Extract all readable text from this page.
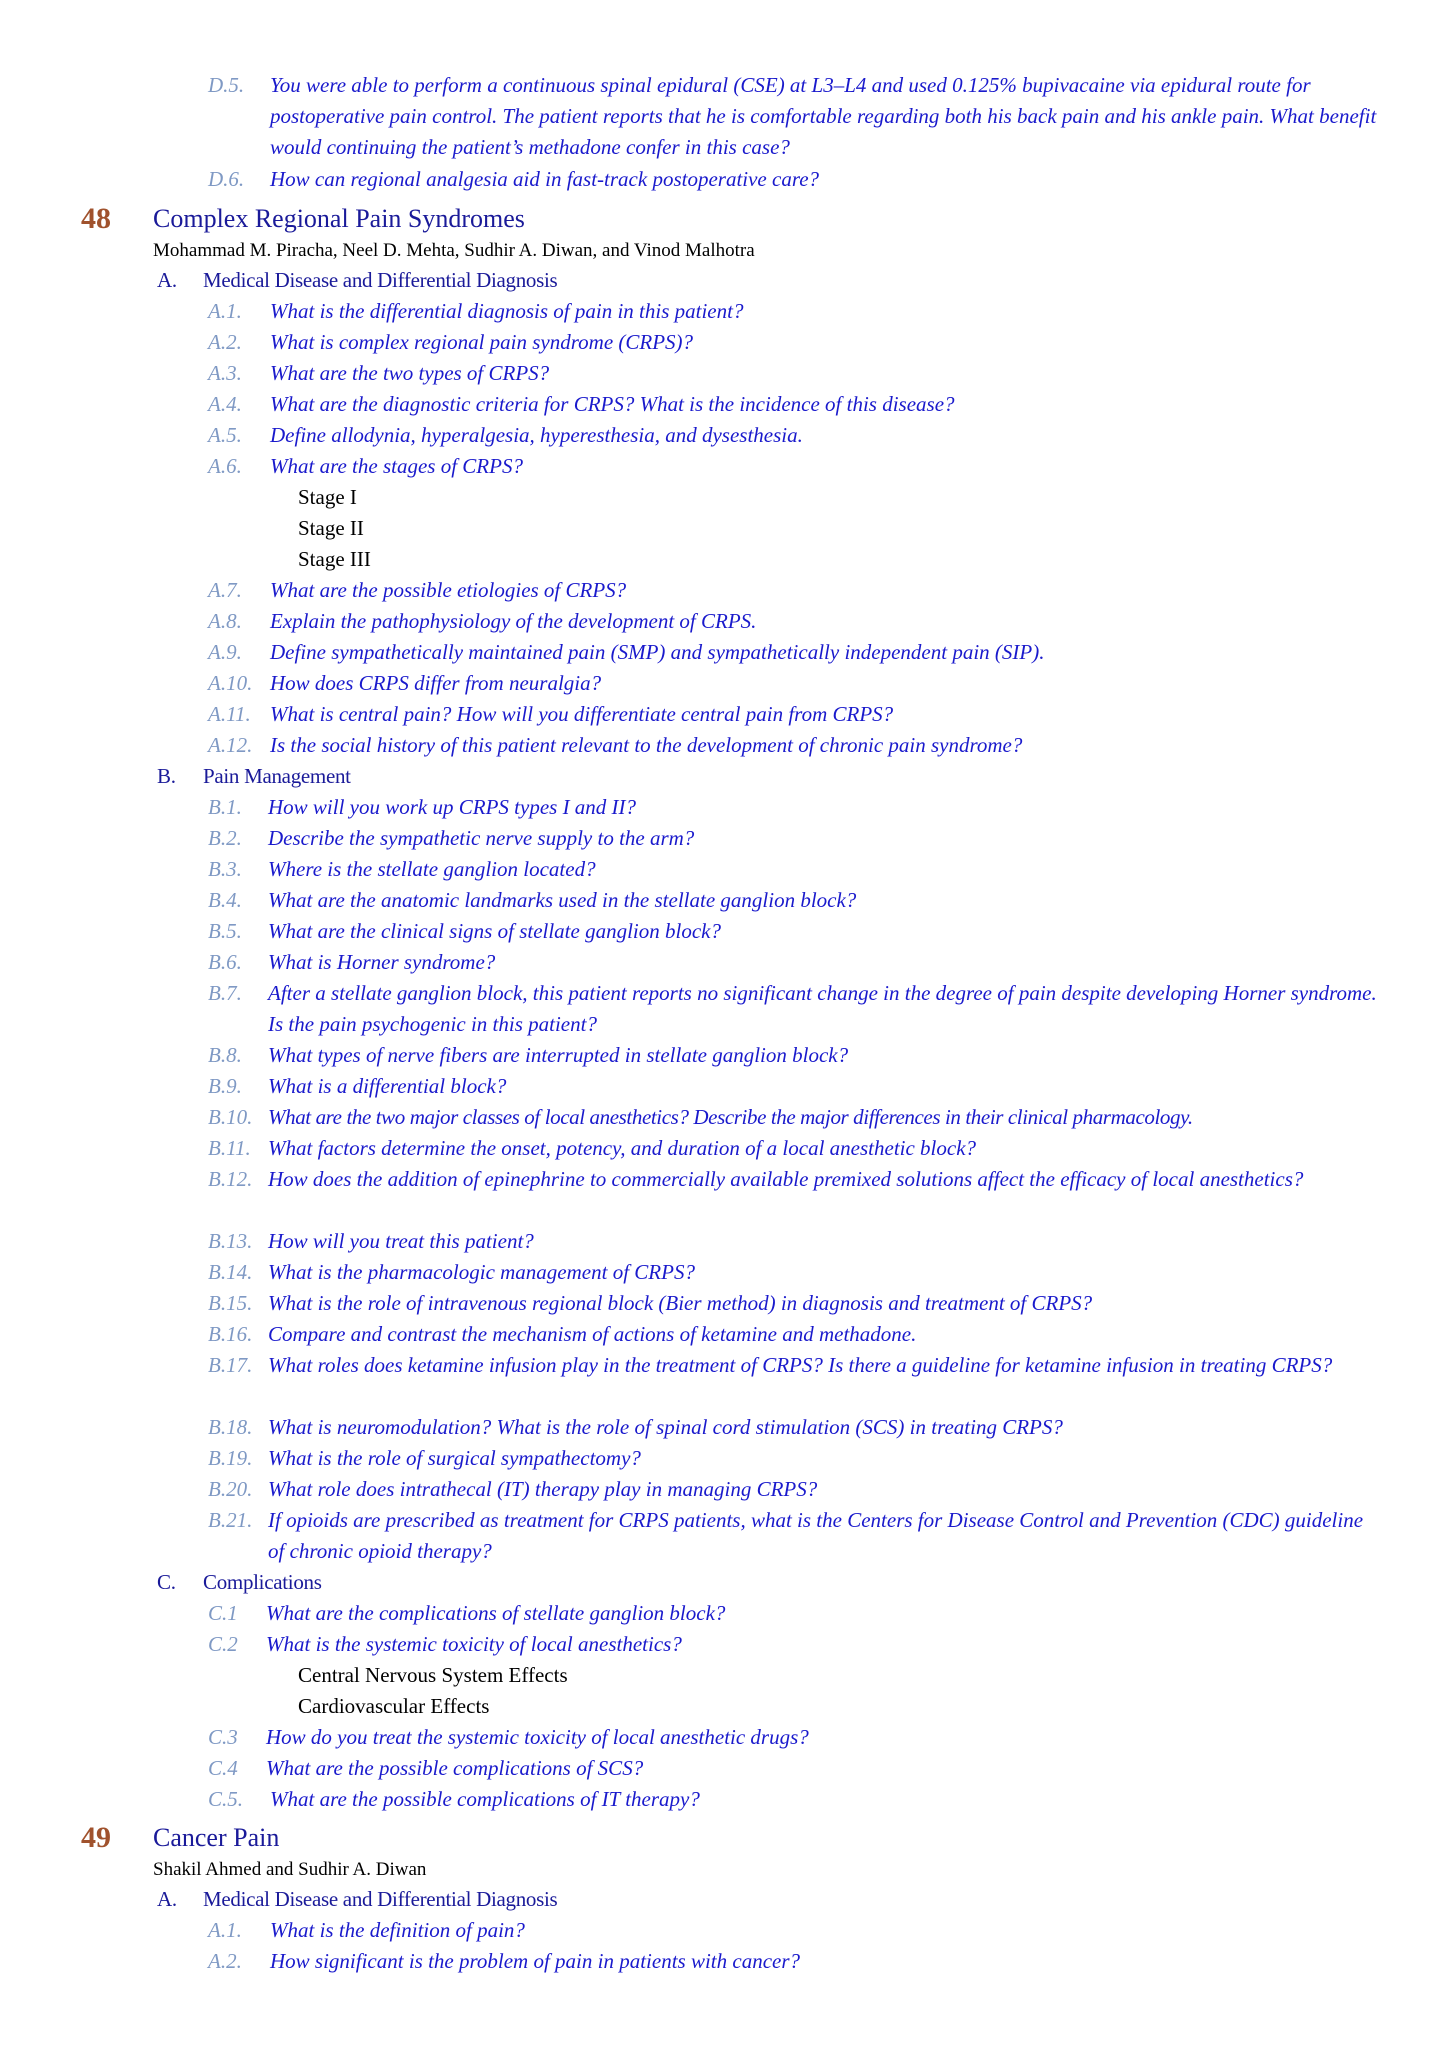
D.5. You were able to perform a continuous spinal epidural (CSE) at L3–L4 and used 0.125% bupivacaine via epidural route for postoperative pain control. The patient reports that he is comfortable regarding both his back pain and his ankle pain. What benefit would continuing the patient’s methadone confer in this case?
D.6. How can regional analgesia aid in fast-track postoperative care?
48 Complex Regional Pain Syndromes
Mohammad M. Piracha, Neel D. Mehta, Sudhir A. Diwan, and Vinod Malhotra
A. Medical Disease and Differential Diagnosis
A.1. What is the differential diagnosis of pain in this patient?
A.2. What is complex regional pain syndrome (CRPS)?
A.3. What are the two types of CRPS?
A.4. What are the diagnostic criteria for CRPS? What is the incidence of this disease?
A.5. Define allodynia, hyperalgesia, hyperesthesia, and dysesthesia.
A.6. What are the stages of CRPS?
Stage I
Stage II
Stage III
A.7. What are the possible etiologies of CRPS?
A.8. Explain the pathophysiology of the development of CRPS.
A.9. Define sympathetically maintained pain (SMP) and sympathetically independent pain (SIP).
A.10. How does CRPS differ from neuralgia?
A.11. What is central pain? How will you differentiate central pain from CRPS?
A.12. Is the social history of this patient relevant to the development of chronic pain syndrome?
B. Pain Management
B.1. How will you work up CRPS types I and II?
B.2. Describe the sympathetic nerve supply to the arm?
B.3. Where is the stellate ganglion located?
B.4. What are the anatomic landmarks used in the stellate ganglion block?
B.5. What are the clinical signs of stellate ganglion block?
B.6. What is Horner syndrome?
B.7. After a stellate ganglion block, this patient reports no significant change in the degree of pain despite developing Horner syndrome. Is the pain psychogenic in this patient?
B.8. What types of nerve fibers are interrupted in stellate ganglion block?
B.9. What is a differential block?
B.10. What are the two major classes of local anesthetics? Describe the major differences in their clinical pharmacology.
B.11. What factors determine the onset, potency, and duration of a local anesthetic block?
B.12. How does the addition of epinephrine to commercially available premixed solutions affect the efficacy of local anesthetics?
B.13. How will you treat this patient?
B.14. What is the pharmacologic management of CRPS?
B.15. What is the role of intravenous regional block (Bier method) in diagnosis and treatment of CRPS?
B.16. Compare and contrast the mechanism of actions of ketamine and methadone.
B.17. What roles does ketamine infusion play in the treatment of CRPS? Is there a guideline for ketamine infusion in treating CRPS?
B.18. What is neuromodulation? What is the role of spinal cord stimulation (SCS) in treating CRPS?
B.19. What is the role of surgical sympathectomy?
B.20. What role does intrathecal (IT) therapy play in managing CRPS?
B.21. If opioids are prescribed as treatment for CRPS patients, what is the Centers for Disease Control and Prevention (CDC) guideline of chronic opioid therapy?
C. Complications
C.1 What are the complications of stellate ganglion block?
C.2 What is the systemic toxicity of local anesthetics?
Central Nervous System Effects
Cardiovascular Effects
C.3 How do you treat the systemic toxicity of local anesthetic drugs?
C.4 What are the possible complications of SCS?
C.5. What are the possible complications of IT therapy?
49 Cancer Pain
Shakil Ahmed and Sudhir A. Diwan
A. Medical Disease and Differential Diagnosis
A.1. What is the definition of pain?
A.2. How significant is the problem of pain in patients with cancer?
